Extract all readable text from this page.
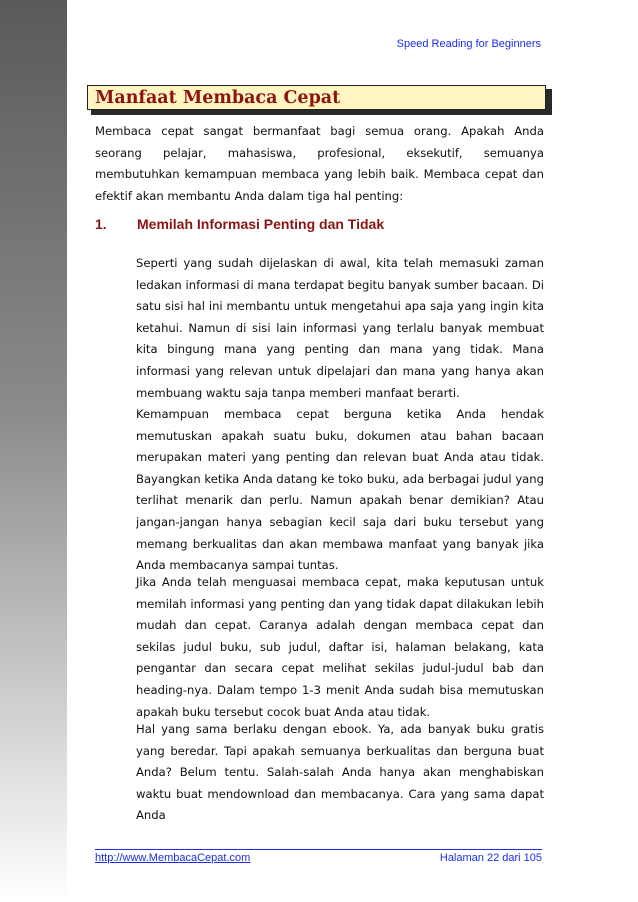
Speed Reading for Beginners
Manfaat Membaca Cepat

Membaca cepat sangat bermanfaat bagi semua orang. Apakah Anda seorang pelajar, mahasiswa, profesional, eksekutif, semuanya membutuhkan kemampuan membaca yang lebih baik. Membaca cepat dan efektif akan membantu Anda dalam tiga hal penting:

1. Memilah Informasi Penting dan Tidak

Seperti yang sudah dijelaskan di awal, kita telah memasuki zaman ledakan informasi di mana terdapat begitu banyak sumber bacaan. Di satu sisi hal ini membantu untuk mengetahui apa saja yang ingin kita ketahui. Namun di sisi lain informasi yang terlalu banyak membuat kita bingung mana yang penting dan mana yang tidak. Mana informasi yang relevan untuk dipelajari dan mana yang hanya akan membuang waktu saja tanpa memberi manfaat berarti.

Kemampuan membaca cepat berguna ketika Anda hendak memutuskan apakah suatu buku, dokumen atau bahan bacaan merupakan materi yang penting dan relevan buat Anda atau tidak. Bayangkan ketika Anda datang ke toko buku, ada berbagai judul yang terlihat menarik dan perlu. Namun apakah benar demikian? Atau jangan-jangan hanya sebagian kecil saja dari buku tersebut yang memang berkualitas dan akan membawa manfaat yang banyak jika Anda membacanya sampai tuntas.

Jika Anda telah menguasai membaca cepat, maka keputusan untuk memilah informasi yang penting dan yang tidak dapat dilakukan lebih mudah dan cepat. Caranya adalah dengan membaca cepat dan sekilas judul buku, sub judul, daftar isi, halaman belakang, kata pengantar dan secara cepat melihat sekilas judul-judul bab dan heading-nya. Dalam tempo 1-3 menit Anda sudah bisa memutuskan apakah buku tersebut cocok buat Anda atau tidak.

Hal yang sama berlaku dengan ebook. Ya, ada banyak buku gratis yang beredar. Tapi apakah semuanya berkualitas dan berguna buat Anda? Belum tentu. Salah-salah Anda hanya akan menghabiskan waktu buat mendownload dan membacanya. Cara yang sama dapat Anda

http://www.MembacaCepat.com	Halaman 22 dari 105
